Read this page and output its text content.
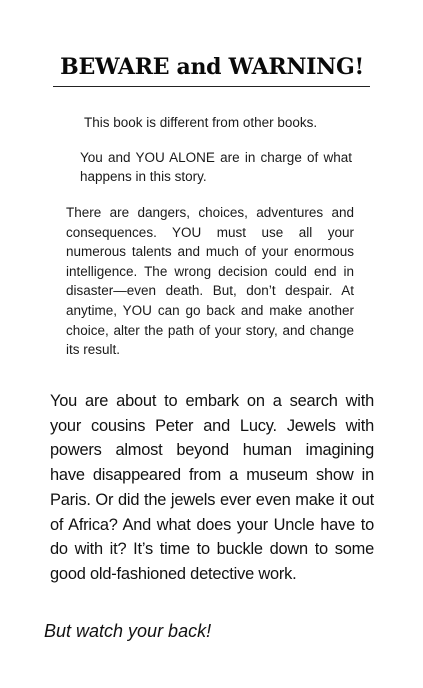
BEWARE and WARNING!

This book is different from other books.

You and YOU ALONE are in charge of what happens in this story.

There are dangers, choices, adventures and consequences. YOU must use all your numerous talents and much of your enormous intelligence. The wrong decision could end in disaster—even death. But, don’t despair. At anytime, YOU can go back and make another choice, alter the path of your story, and change its result.

You are about to embark on a search with your cousins Peter and Lucy. Jewels with powers almost beyond human imagining have disappeared from a museum show in Paris. Or did the jewels ever even make it out of Africa? And what does your Uncle have to do with it? It’s time to buckle down to some good old-fashioned detective work.

But watch your back!
